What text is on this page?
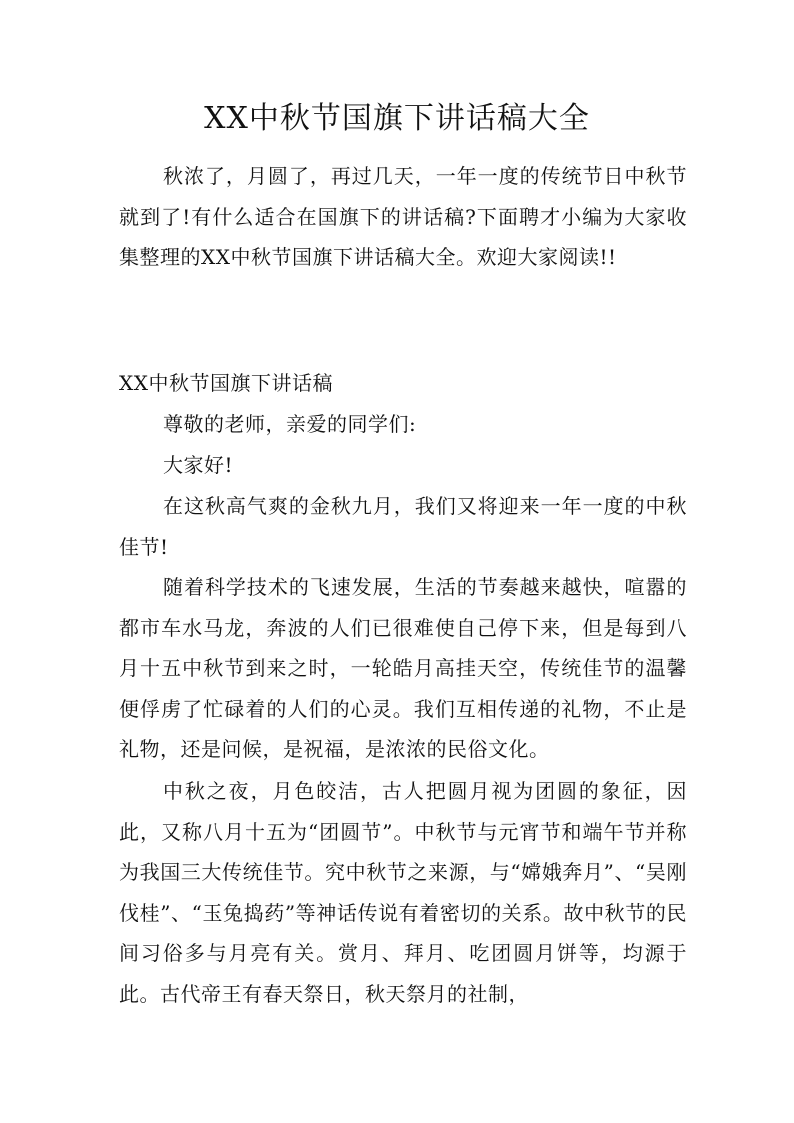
XX中秋节国旗下讲话稿大全

秋浓了，月圆了，再过几天，一年一度的传统节日中秋节就到了!有什么适合在国旗下的讲话稿?下面聘才小编为大家收集整理的XX中秋节国旗下讲话稿大全。欢迎大家阅读!!

XX中秋节国旗下讲话稿

尊敬的老师，亲爱的同学们:

大家好!

在这秋高气爽的金秋九月，我们又将迎来一年一度的中秋佳节!

随着科学技术的飞速发展，生活的节奏越来越快，喧嚣的都市车水马龙，奔波的人们已很难使自己停下来，但是每到八月十五中秋节到来之时，一轮皓月高挂天空，传统佳节的温馨便俘虏了忙碌着的人们的心灵。我们互相传递的礼物，不止是礼物，还是问候，是祝福，是浓浓的民俗文化。

中秋之夜，月色皎洁，古人把圆月视为团圆的象征，因此，又称八月十五为“团圆节”。中秋节与元宵节和端午节并称为我国三大传统佳节。究中秋节之来源，与“嫦娥奔月”、“吴刚伐桂”、“玉兔捣药”等神话传说有着密切的关系。故中秋节的民间习俗多与月亮有关。赏月、拜月、吃团圆月饼等，均源于此。古代帝王有春天祭日，秋天祭月的社制，
